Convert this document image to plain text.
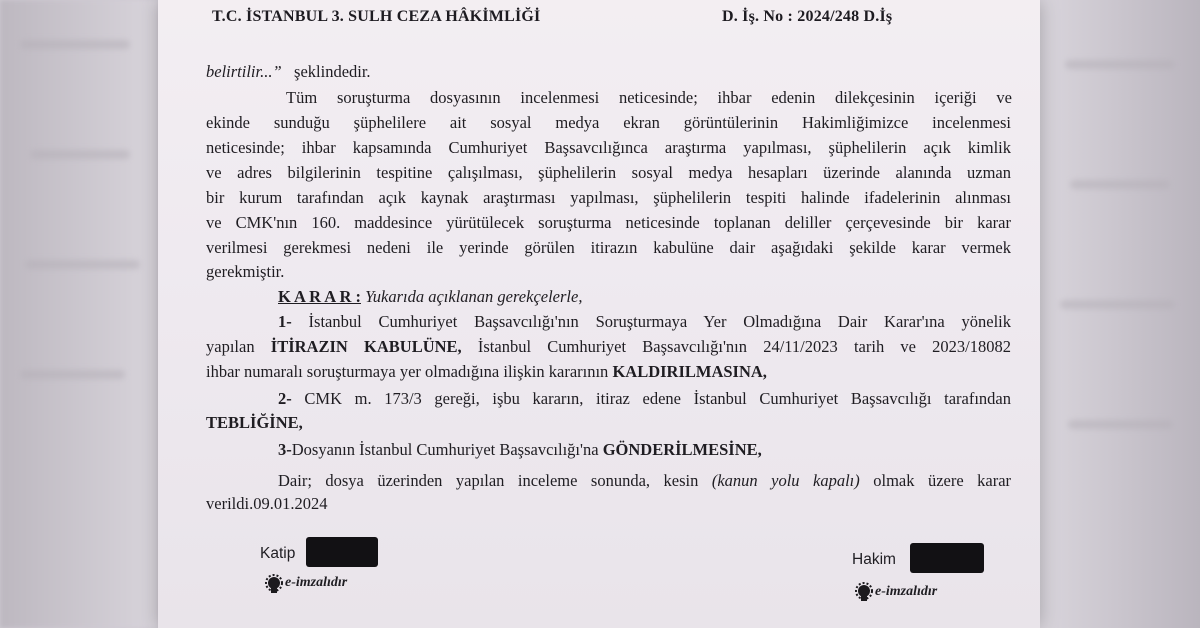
T.C. İSTANBUL 3. SULH CEZA HÂKİMLİĞİ	D. İş. No : 2024/248 D.İş
belirtilir...” şeklindedir.
Tüm soruşturma dosyasının incelenmesi neticesinde; ihbar edenin dilekçesinin içeriği ve
ekinde sunduğu şüphelilere ait sosyal medya ekran görüntülerinin Hakimliğimizce incelenmesi
neticesinde; ihbar kapsamında Cumhuriyet Başsavcılığınca araştırma yapılması, şüphelilerin açık kimlik
ve adres bilgilerinin tespitine çalışılması, şüphelilerin sosyal medya hesapları üzerinde alanında uzman
bir kurum tarafından açık kaynak araştırması yapılması, şüphelilerin tespiti halinde ifadelerinin alınması
ve CMK'nın 160. maddesince yürütülecek soruşturma neticesinde toplanan deliller çerçevesinde bir karar
verilmesi gerekmesi nedeni ile yerinde görülen itirazın kabulüne dair aşağıdaki şekilde karar vermek
gerekmiştir.
K A R A R : Yukarıda açıklanan gerekçelerle,
1- İstanbul Cumhuriyet Başsavcılığı'nın Soruşturmaya Yer Olmadığına Dair Karar'ına yönelik
yapılan İTİRAZIN KABULÜNE, İstanbul Cumhuriyet Başsavcılığı'nın 24/11/2023 tarih ve 2023/18082
ihbar numaralı soruşturmaya yer olmadığına ilişkin kararının KALDIRILMASINA,
2- CMK m. 173/3 gereği, işbu kararın, itiraz edene İstanbul Cumhuriyet Başsavcılığı tarafından
TEBLİĞİNE,
3-Dosyanın İstanbul Cumhuriyet Başsavcılığı'na GÖNDERİLMESİNE,
Dair; dosya üzerinden yapılan inceleme sonunda, kesin (kanun yolu kapalı) olmak üzere karar
verildi.09.01.2024
Katip
e-imzalıdır
Hakim
e-imzalıdır
